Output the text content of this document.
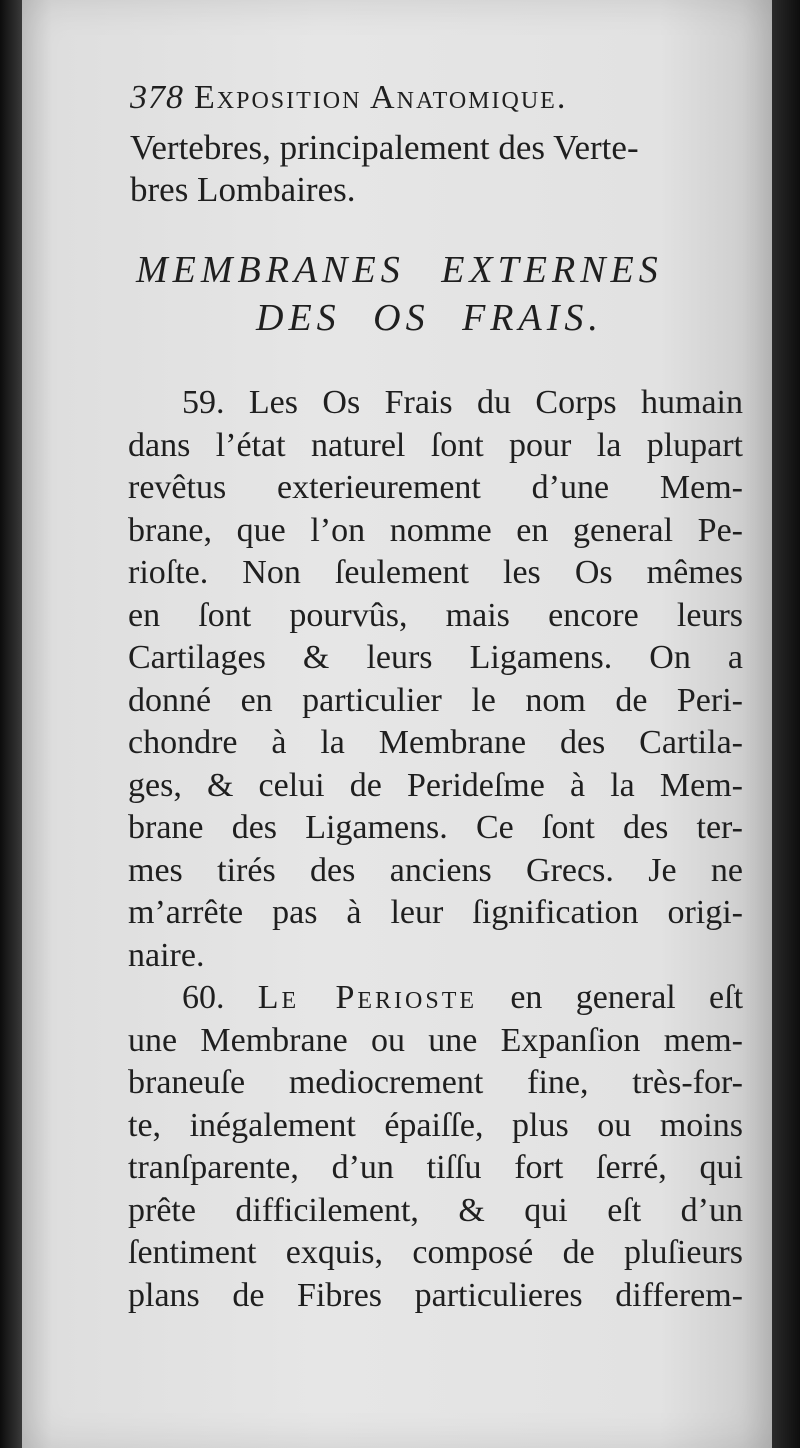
378 Exposition Anatomique.
Vertebres, principalement des Verte-
bres Lombaires.
MEMBRANES EXTERNES
DES OS FRAIS.
59. Les Os Frais du Corps humain
dans l’état naturel ſont pour la plupart
revêtus exterieurement d’une Mem-
brane, que l’on nomme en general Pe-
rioſte. Non ſeulement les Os mêmes
en ſont pourvûs, mais encore leurs
Cartilages & leurs Ligamens. On a
donné en particulier le nom de Peri-
chondre à la Membrane des Cartila-
ges, & celui de Perideſme à la Mem-
brane des Ligamens. Ce ſont des ter-
mes tirés des anciens Grecs. Je ne
m’arrête pas à leur ſignification origi-
naire.
60. Le Perioste en general eſt
une Membrane ou une Expanſion mem-
braneuſe mediocrement fine, très-for-
te, inégalement épaiſſe, plus ou moins
tranſparente, d’un tiſſu fort ſerré, qui
prête difficilement, & qui eſt d’un
ſentiment exquis, composé de pluſieurs
plans de Fibres particulieres differem-
